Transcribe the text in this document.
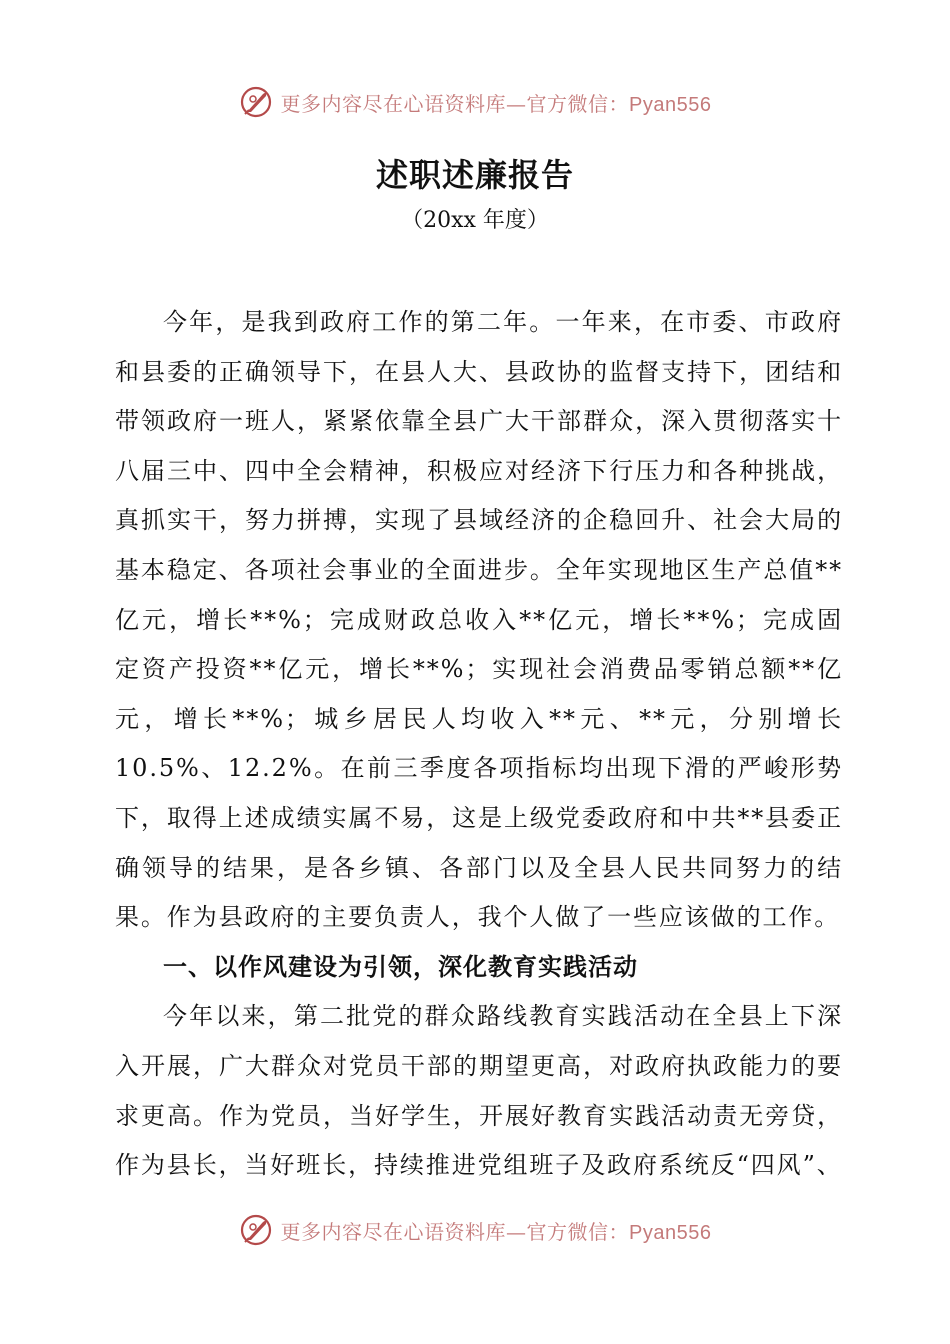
更多内容尽在心语资料库—官方微信：Pyan556
述职述廉报告
（20xx 年度）

今年，是我到政府工作的第二年。一年来，在市委、市政府和县委的正确领导下，在县人大、县政协的监督支持下，团结和带领政府一班人，紧紧依靠全县广大干部群众，深入贯彻落实十八届三中、四中全会精神，积极应对经济下行压力和各种挑战，真抓实干，努力拼搏，实现了县域经济的企稳回升、社会大局的基本稳定、各项社会事业的全面进步。全年实现地区生产总值**亿元，增长**%；完成财政总收入**亿元，增长**%；完成固定资产投资**亿元，增长**%；实现社会消费品零销总额**亿元，增长**%；城乡居民人均收入**元、**元，分别增长 10.5%、12.2%。在前三季度各项指标均出现下滑的严峻形势下，取得上述成绩实属不易，这是上级党委政府和中共**县委正确领导的结果，是各乡镇、各部门以及全县人民共同努力的结果。作为县政府的主要负责人，我个人做了一些应该做的工作。

一、以作风建设为引领，深化教育实践活动

今年以来，第二批党的群众路线教育实践活动在全县上下深入开展，广大群众对党员干部的期望更高，对政府执政能力的要求更高。作为党员，当好学生，开展好教育实践活动责无旁贷，作为县长，当好班长，持续推进党组班子及政府系统反“四风”、

更多内容尽在心语资料库—官方微信：Pyan556
